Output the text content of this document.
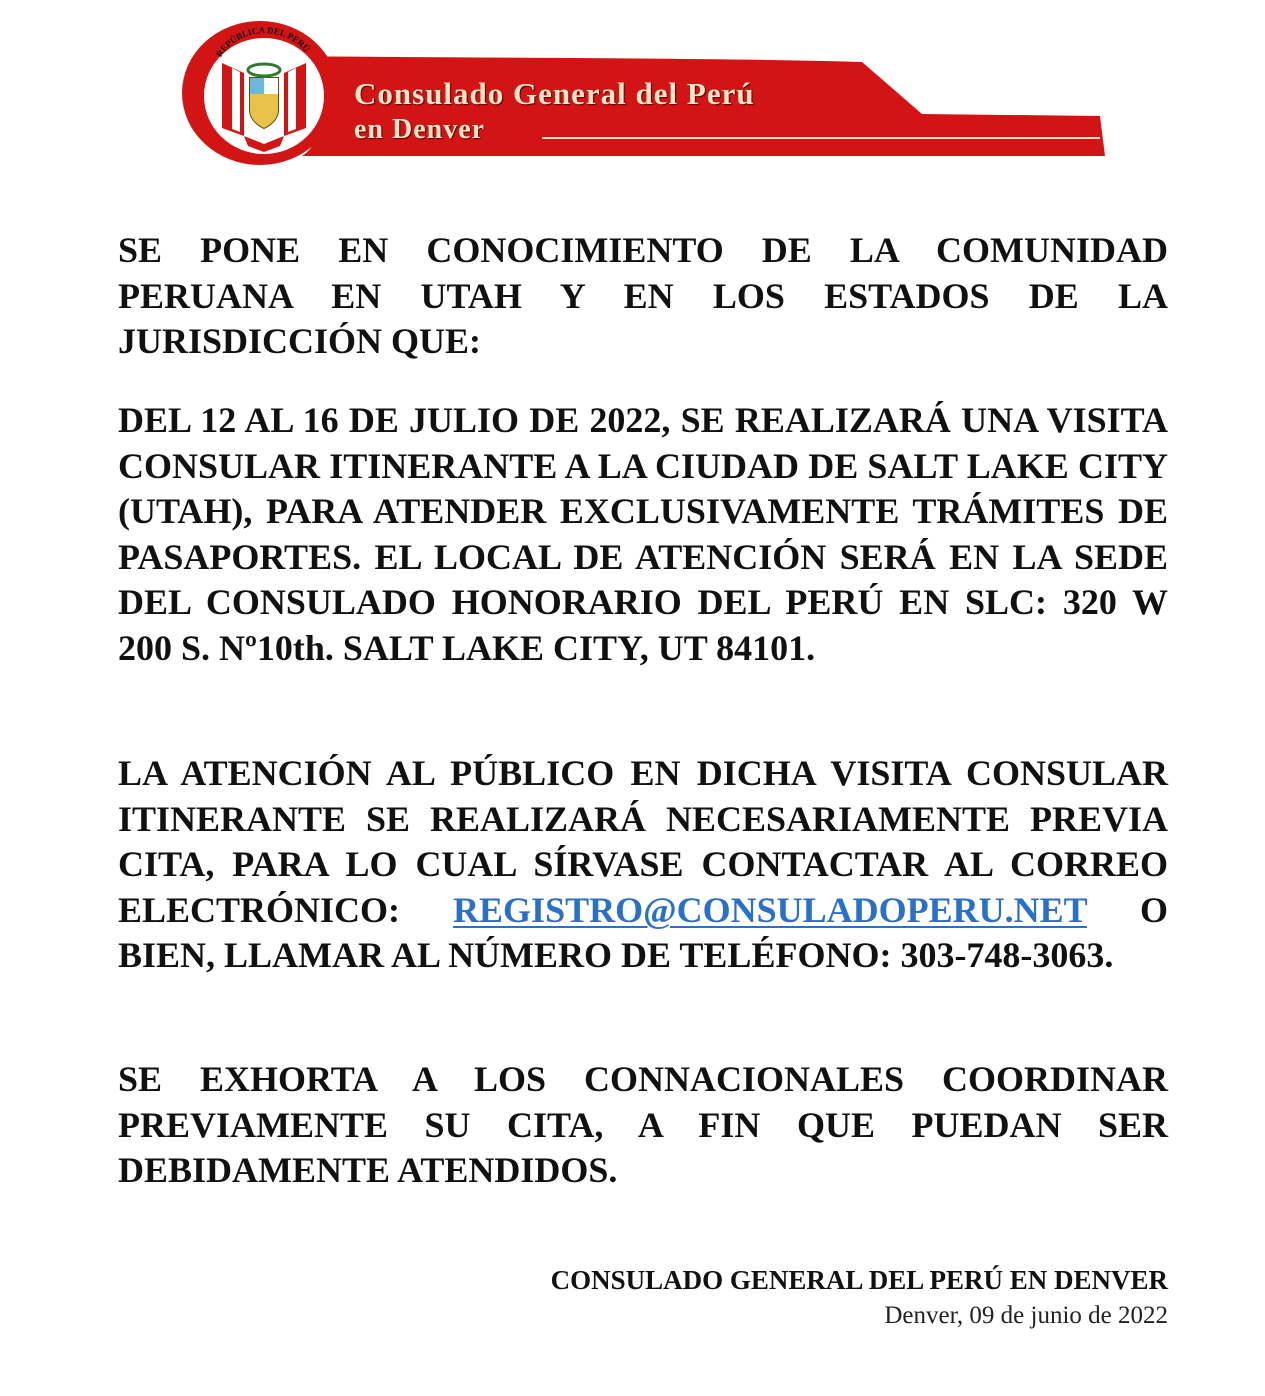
REPÚBLICA DEL PERÚ
Consulado General del Perú
en Denver

SE PONE EN CONOCIMIENTO DE LA COMUNIDAD PERUANA EN UTAH Y EN LOS ESTADOS DE LA JURISDICCIÓN QUE:

DEL 12 AL 16 DE JULIO DE 2022, SE REALIZARÁ UNA VISITA CONSULAR ITINERANTE A LA CIUDAD DE SALT LAKE CITY (UTAH), PARA ATENDER EXCLUSIVAMENTE TRÁMITES DE PASAPORTES. EL LOCAL DE ATENCIÓN SERÁ EN LA SEDE DEL CONSULADO HONORARIO DEL PERÚ EN SLC: 320 W 200 S. Nº10th. SALT LAKE CITY, UT 84101.

LA ATENCIÓN AL PÚBLICO EN DICHA VISITA CONSULAR ITINERANTE SE REALIZARÁ NECESARIAMENTE PREVIA CITA, PARA LO CUAL SÍRVASE CONTACTAR AL CORREO ELECTRÓNICO: REGISTRO@CONSULADOPERU.NET O BIEN, LLAMAR AL NÚMERO DE TELÉFONO: 303-748-3063.

SE EXHORTA A LOS CONNACIONALES COORDINAR PREVIAMENTE SU CITA, A FIN QUE PUEDAN SER DEBIDAMENTE ATENDIDOS.

CONSULADO GENERAL DEL PERÚ EN DENVER
Denver, 09 de junio de 2022
